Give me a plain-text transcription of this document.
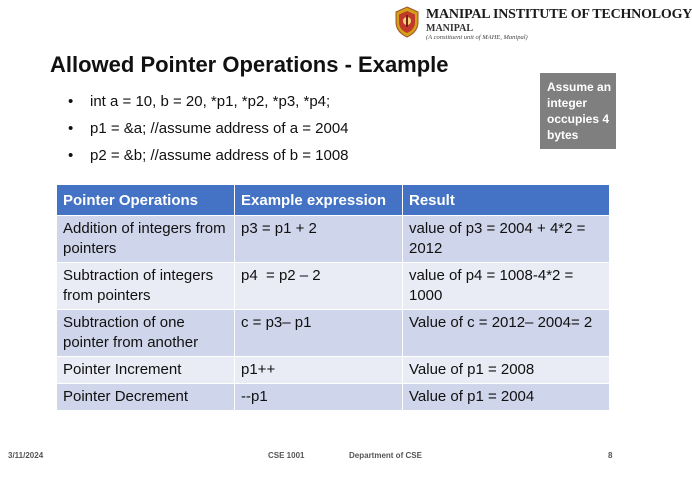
MANIPAL INSTITUTE OF TECHNOLOGY
MANIPAL
(A constituent unit of MAHE, Manipal)
Allowed Pointer Operations - Example
• int a = 10, b = 20, *p1, *p2, *p3, *p4;
• p1 = &a; //assume address of a = 2004
• p2 = &b; //assume address of b = 1008
Assume an integer occupies 4 bytes
Pointer Operations	Example expression	Result
Addition of integers from pointers	p3 = p1 + 2	value of p3 = 2004 + 4*2 = 2012
Subtraction of integers from pointers	p4  = p2 – 2	value of p4 = 1008-4*2 = 1000
Subtraction of one pointer from another	c = p3– p1	Value of c = 2012– 2004= 2
Pointer Increment	p1++	Value of p1 = 2008
Pointer Decrement	--p1	Value of p1 = 2004
3/11/2024	CSE 1001	Department of CSE	8
